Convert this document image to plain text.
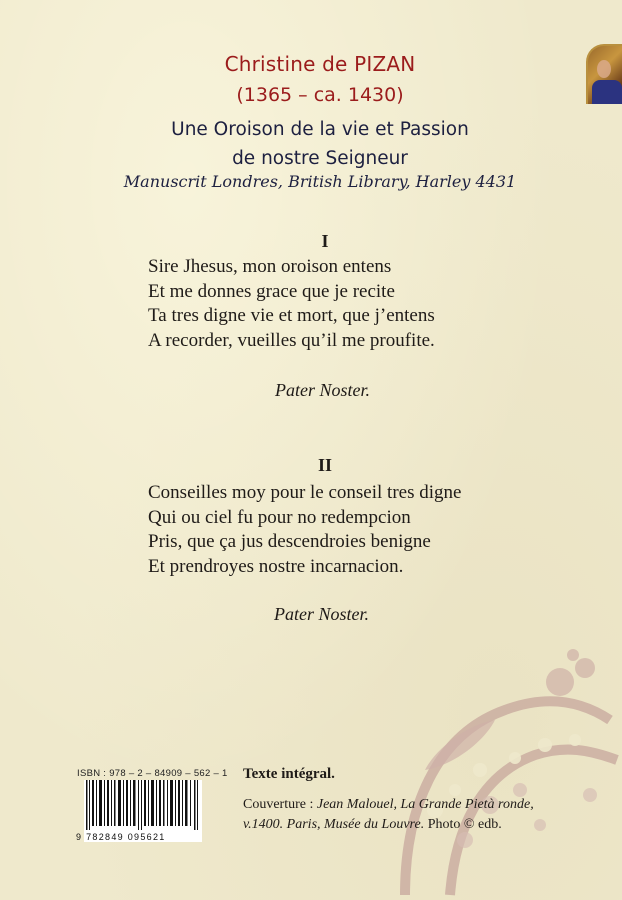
Christine de PIZAN
(1365 – ca. 1430)
Une Oroison de la vie et Passion
de nostre Seigneur
Manuscrit Londres, British Library, Harley 4431
I
Sire Jhesus, mon oroison entens
Et me donnes grace que je recite
Ta tres digne vie et mort, que j’entens
A recorder, vueilles qu’il me proufite.
Pater Noster.
II
Conseilles moy pour le conseil tres digne
Qui ou ciel fu pour no redempcion
Pris, que ça jus descendroies benigne
Et prendroyes nostre incarnacion.
Pater Noster.
ISBN : 978 – 2 – 84909 – 562 – 1
9 782849 095621
Texte intégral.
Couverture : Jean Malouel, La Grande Pietà ronde, v.1400. Paris, Musée du Louvre. Photo © edb.
